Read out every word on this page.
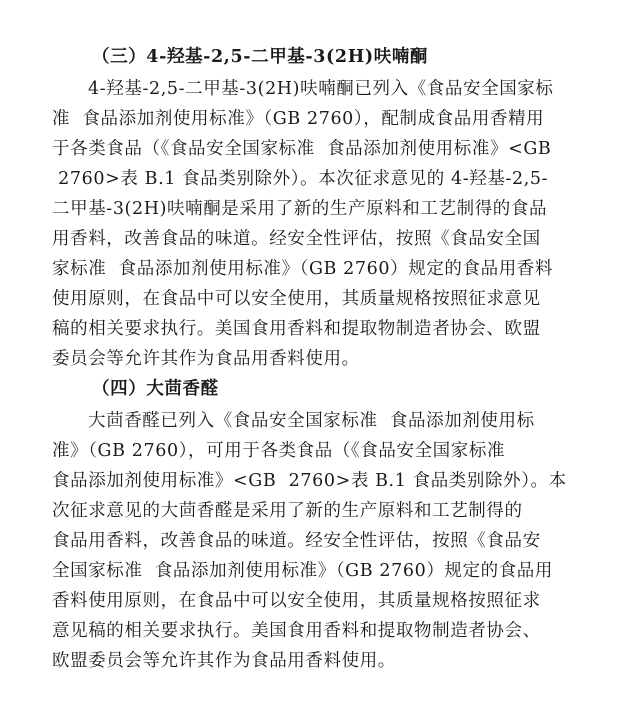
（三）4-羟基-2,5-二甲基-3(2H)呋喃酮
4-羟基-2,5-二甲基-3(2H)呋喃酮已列入《食品安全国家标
准  食品添加剂使用标准》（GB 2760），配制成食品用香精用
于各类食品（《食品安全国家标准  食品添加剂使用标准》<GB
2760>表 B.1 食品类别除外）。本次征求意见的 4-羟基-2,5-
二甲基-3(2H)呋喃酮是采用了新的生产原料和工艺制得的食品
用香料，改善食品的味道。经安全性评估，按照《食品安全国
家标准  食品添加剂使用标准》（GB 2760）规定的食品用香料
使用原则，在食品中可以安全使用，其质量规格按照征求意见
稿的相关要求执行。美国食用香料和提取物制造者协会、欧盟
委员会等允许其作为食品用香料使用。
（四）大茴香醛
大茴香醛已列入《食品安全国家标准  食品添加剂使用标
准》（GB 2760），可用于各类食品（《食品安全国家标准
食品添加剂使用标准》<GB  2760>表 B.1 食品类别除外）。本
次征求意见的大茴香醛是采用了新的生产原料和工艺制得的
食品用香料，改善食品的味道。经安全性评估，按照《食品安
全国家标准  食品添加剂使用标准》（GB 2760）规定的食品用
香料使用原则，在食品中可以安全使用，其质量规格按照征求
意见稿的相关要求执行。美国食用香料和提取物制造者协会、
欧盟委员会等允许其作为食品用香料使用。
